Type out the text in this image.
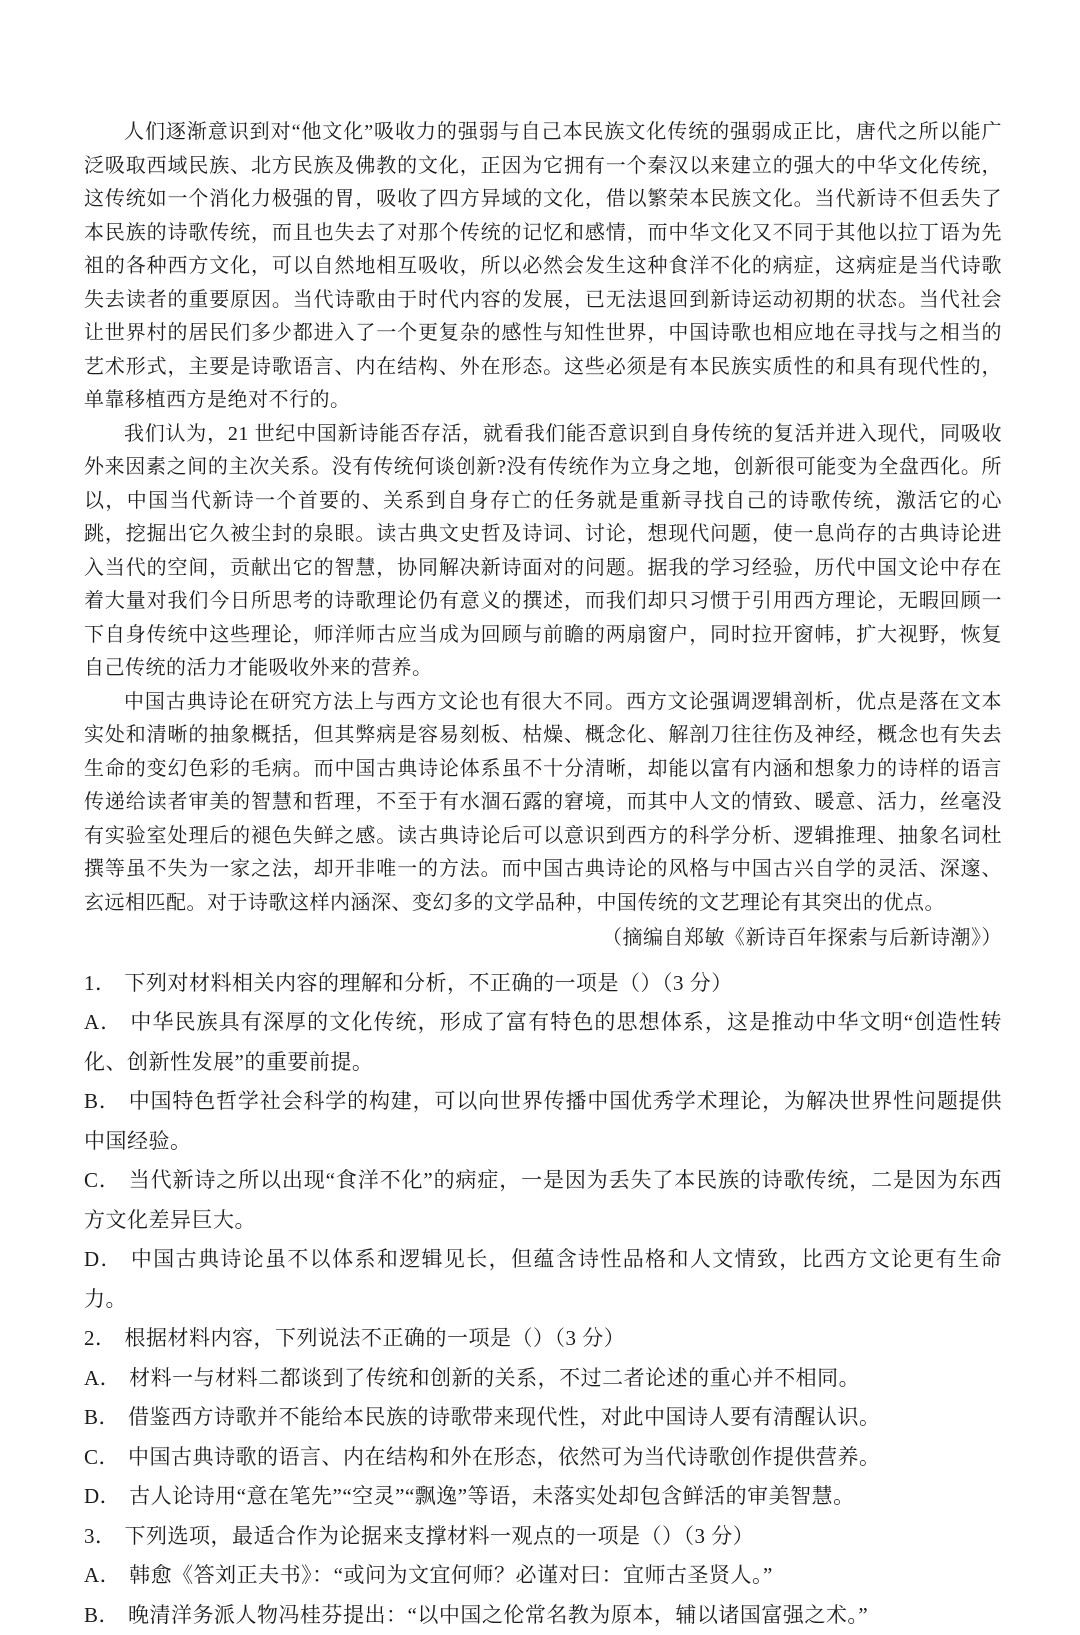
人们逐渐意识到对“他文化”吸收力的强弱与自己本民族文化传统的强弱成正比，唐代之所以能广泛吸取西域民族、北方民族及佛教的文化，正因为它拥有一个秦汉以来建立的强大的中华文化传统，这传统如一个消化力极强的胃，吸收了四方异域的文化，借以繁荣本民族文化。当代新诗不但丢失了本民族的诗歌传统，而且也失去了对那个传统的记忆和感情，而中华文化又不同于其他以拉丁语为先祖的各种西方文化，可以自然地相互吸收，所以必然会发生这种食洋不化的病症，这病症是当代诗歌失去读者的重要原因。当代诗歌由于时代内容的发展，已无法退回到新诗运动初期的状态。当代社会让世界村的居民们多少都进入了一个更复杂的感性与知性世界，中国诗歌也相应地在寻找与之相当的艺术形式，主要是诗歌语言、内在结构、外在形态。这些必须是有本民族实质性的和具有现代性的，单靠移植西方是绝对不行的。

我们认为，21 世纪中国新诗能否存活，就看我们能否意识到自身传统的复活并进入现代，同吸收外来因素之间的主次关系。没有传统何谈创新?没有传统作为立身之地，创新很可能变为全盘西化。所以，中国当代新诗一个首要的、关系到自身存亡的任务就是重新寻找自己的诗歌传统，激活它的心跳，挖掘出它久被尘封的泉眼。读古典文史哲及诗词、讨论，想现代问题，使一息尚存的古典诗论进入当代的空间，贡献出它的智慧，协同解决新诗面对的问题。据我的学习经验，历代中国文论中存在着大量对我们今日所思考的诗歌理论仍有意义的撰述，而我们却只习惯于引用西方理论，无暇回顾一下自身传统中这些理论，师洋师古应当成为回顾与前瞻的两扇窗户，同时拉开窗帏，扩大视野，恢复自己传统的活力才能吸收外来的营养。

中国古典诗论在研究方法上与西方文论也有很大不同。西方文论强调逻辑剖析，优点是落在文本实处和清晰的抽象概括，但其弊病是容易刻板、枯燥、概念化、解剖刀往往伤及神经，概念也有失去生命的变幻色彩的毛病。而中国古典诗论体系虽不十分清晰，却能以富有内涵和想象力的诗样的语言传递给读者审美的智慧和哲理，不至于有水涸石露的窘境，而其中人文的情致、暖意、活力，丝毫没有实验室处理后的褪色失鲜之感。读古典诗论后可以意识到西方的科学分析、逻辑推理、抽象名词杜撰等虽不失为一家之法，却开非唯一的方法。而中国古典诗论的风格与中国古兴自学的灵活、深邃、玄远相匹配。对于诗歌这样内涵深、变幻多的文学品种，中国传统的文艺理论有其突出的优点。

（摘编自郑敏《新诗百年探索与后新诗潮》）

1． 下列对材料相关内容的理解和分析，不正确的一项是（）（3 分）

A． 中华民族具有深厚的文化传统，形成了富有特色的思想体系，这是推动中华文明“创造性转化、创新性发展”的重要前提。

B． 中国特色哲学社会科学的构建，可以向世界传播中国优秀学术理论，为解决世界性问题提供中国经验。

C． 当代新诗之所以出现“食洋不化”的病症，一是因为丢失了本民族的诗歌传统，二是因为东西方文化差异巨大。

D． 中国古典诗论虽不以体系和逻辑见长，但蕴含诗性品格和人文情致，比西方文论更有生命力。

2． 根据材料内容，下列说法不正确的一项是（）（3 分）

A． 材料一与材料二都谈到了传统和创新的关系，不过二者论述的重心并不相同。

B． 借鉴西方诗歌并不能给本民族的诗歌带来现代性，对此中国诗人要有清醒认识。

C． 中国古典诗歌的语言、内在结构和外在形态，依然可为当代诗歌创作提供营养。

D． 古人论诗用“意在笔先”“空灵”“飘逸”等语，未落实处却包含鲜活的审美智慧。

3． 下列选项，最适合作为论据来支撑材料一观点的一项是（）（3 分）

A． 韩愈《答刘正夫书》：“或问为文宜何师？必谨对曰：宜师古圣贤人。”

B． 晚清洋务派人物冯桂芬提出：“以中国之伦常名教为原本，辅以诸国富强之术。”
